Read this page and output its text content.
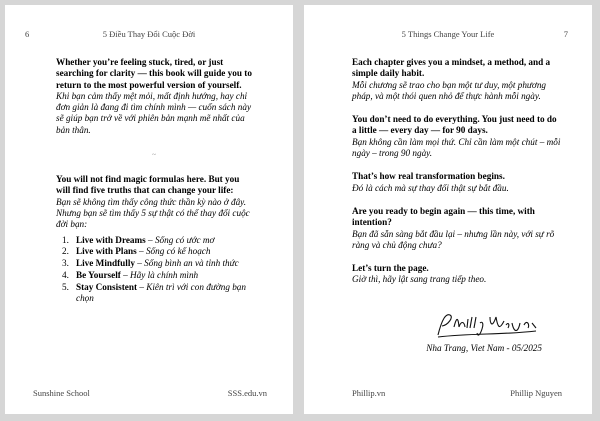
6	5 Điều Thay Đổi Cuộc Đời

Whether you’re feeling stuck, tired, or just searching for clarity — this book will guide you to return to the most powerful version of yourself.
Khi bạn cảm thấy mệt mỏi, mất định hướng, hay chỉ đơn giản là đang đi tìm chính mình — cuốn sách này sẽ giúp bạn trở về với phiên bản mạnh mẽ nhất của bản thân.

~

You will not find magic formulas here. But you will find five truths that can change your life:
Bạn sẽ không tìm thấy công thức thần kỳ nào ở đây. Nhưng bạn sẽ tìm thấy 5 sự thật có thể thay đổi cuộc đời bạn:

1. Live with Dreams – Sống có ước mơ
2. Live with Plans – Sống có kế hoạch
3. Live Mindfully – Sống bình an và tỉnh thức
4. Be Yourself – Hãy là chính mình
5. Stay Consistent – Kiên trì với con đường bạn chọn
Sunshine School	SSS.edu.vn
5 Things Change Your Life	7

Each chapter gives you a mindset, a method, and a simple daily habit.
Mỗi chương sẽ trao cho bạn một tư duy, một phương pháp, và một thói quen nhỏ để thực hành mỗi ngày.

You don’t need to do everything. You just need to do a little — every day — for 90 days.
Bạn không cần làm mọi thứ. Chỉ cần làm một chút – mỗi ngày – trong 90 ngày.

That’s how real transformation begins.
Đó là cách mà sự thay đổi thật sự bắt đầu.

Are you ready to begin again — this time, with intention?
Bạn đã sẵn sàng bắt đầu lại – nhưng lần này, với sự rõ ràng và chủ động chưa?

Let’s turn the page.
Giờ thì, hãy lật sang trang tiếp theo.

Nha Trang, Viet Nam - 05/2025
Phillip.vn	Phillip Nguyen
